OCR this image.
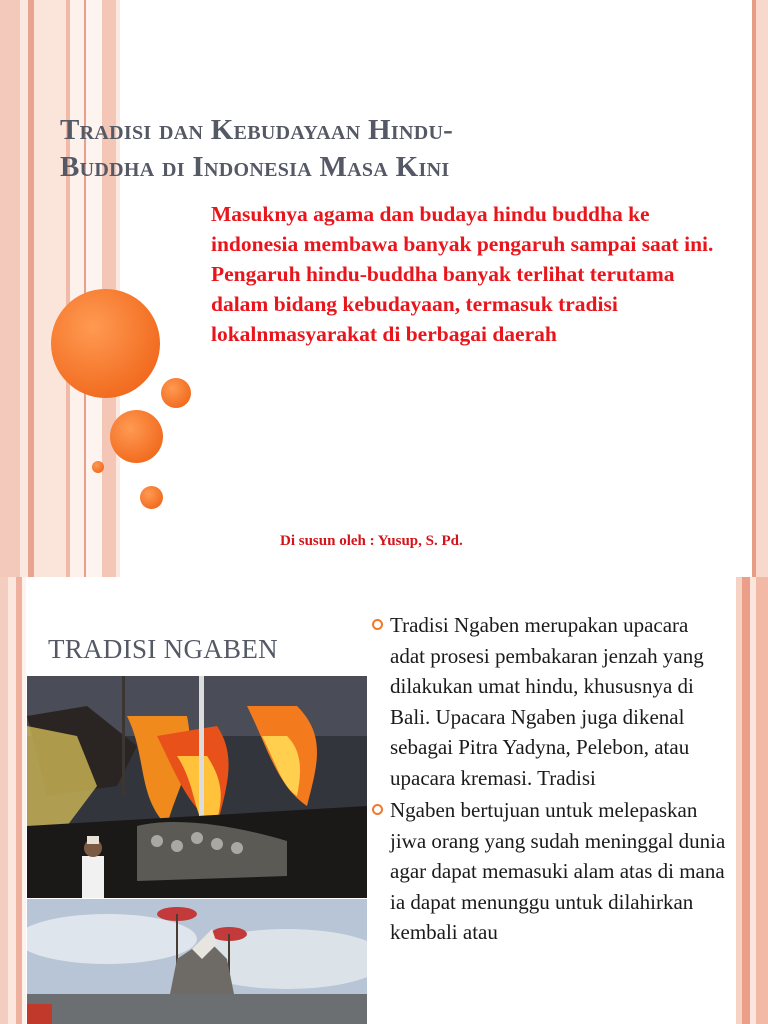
Tradisi dan Kebudayaan Hindu-
Buddha di Indonesia Masa Kini

Masuknya agama dan budaya hindu buddha ke indonesia membawa banyak pengaruh sampai saat ini. Pengaruh hindu-buddha banyak terlihat terutama dalam bidang kebudayaan, termasuk tradisi lokalnmasyarakat di berbagai daerah

Di susun oleh : Yusup, S. Pd.

TRADISI NGABEN
Tradisi Ngaben merupakan upacara adat prosesi pembakaran jenzah yang dilakukan umat hindu, khususnya di Bali. Upacara Ngaben juga dikenal sebagai Pitra Yadyna, Pelebon, atau upacara kremasi. Tradisi
Ngaben bertujuan untuk melepaskan jiwa orang yang sudah meninggal dunia agar dapat memasuki alam atas di mana ia dapat menunggu untuk dilahirkan kembali atau
